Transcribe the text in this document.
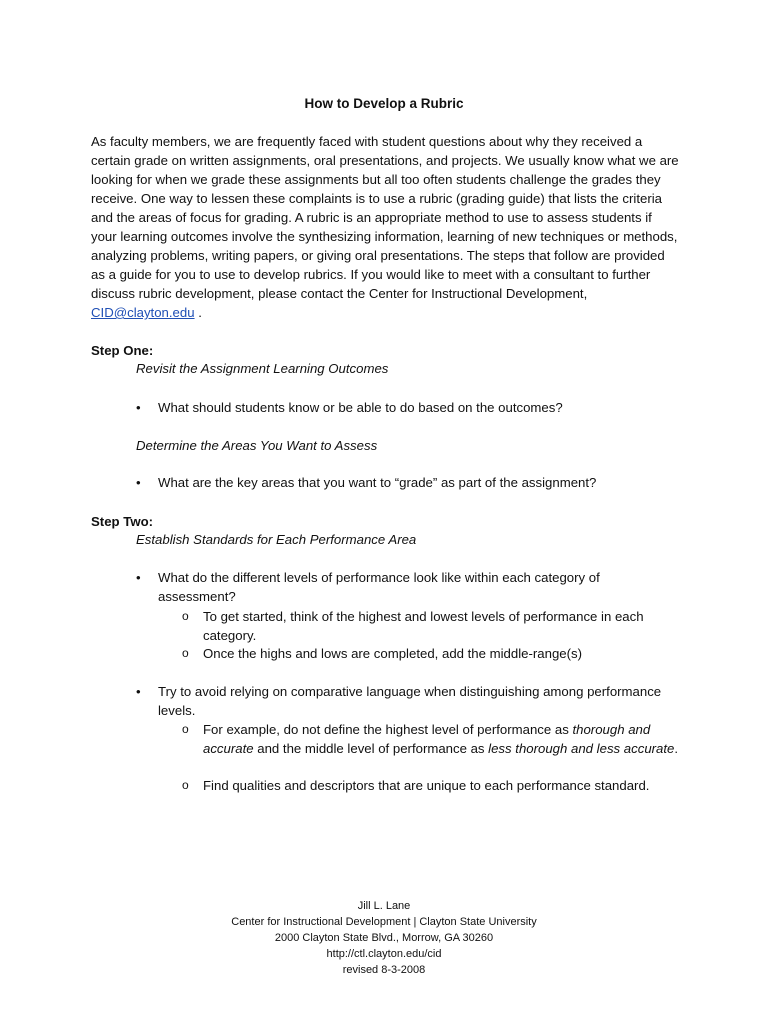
How to Develop a Rubric

As faculty members, we are frequently faced with student questions about why they received a certain grade on written assignments, oral presentations, and projects. We usually know what we are looking for when we grade these assignments but all too often students challenge the grades they receive. One way to lessen these complaints is to use a rubric (grading guide) that lists the criteria and the areas of focus for grading. A rubric is an appropriate method to use to assess students if your learning outcomes involve the synthesizing information, learning of new techniques or methods, analyzing problems, writing papers, or giving oral presentations. The steps that follow are provided as a guide for you to use to develop rubrics. If you would like to meet with a consultant to further discuss rubric development, please contact the Center for Instructional Development, CID@clayton.edu .

Step One:
Revisit the Assignment Learning Outcomes
• What should students know or be able to do based on the outcomes?
Determine the Areas You Want to Assess
• What are the key areas that you want to “grade” as part of the assignment?
Step Two:
Establish Standards for Each Performance Area
• What do the different levels of performance look like within each category of assessment?
o To get started, think of the highest and lowest levels of performance in each category.
o Once the highs and lows are completed, add the middle-range(s)
• Try to avoid relying on comparative language when distinguishing among performance levels.
o For example, do not define the highest level of performance as thorough and accurate and the middle level of performance as less thorough and less accurate.
o Find qualities and descriptors that are unique to each performance standard.
Jill L. Lane
Center for Instructional Development | Clayton State University
2000 Clayton State Blvd., Morrow, GA 30260
http://ctl.clayton.edu/cid
revised 8-3-2008
